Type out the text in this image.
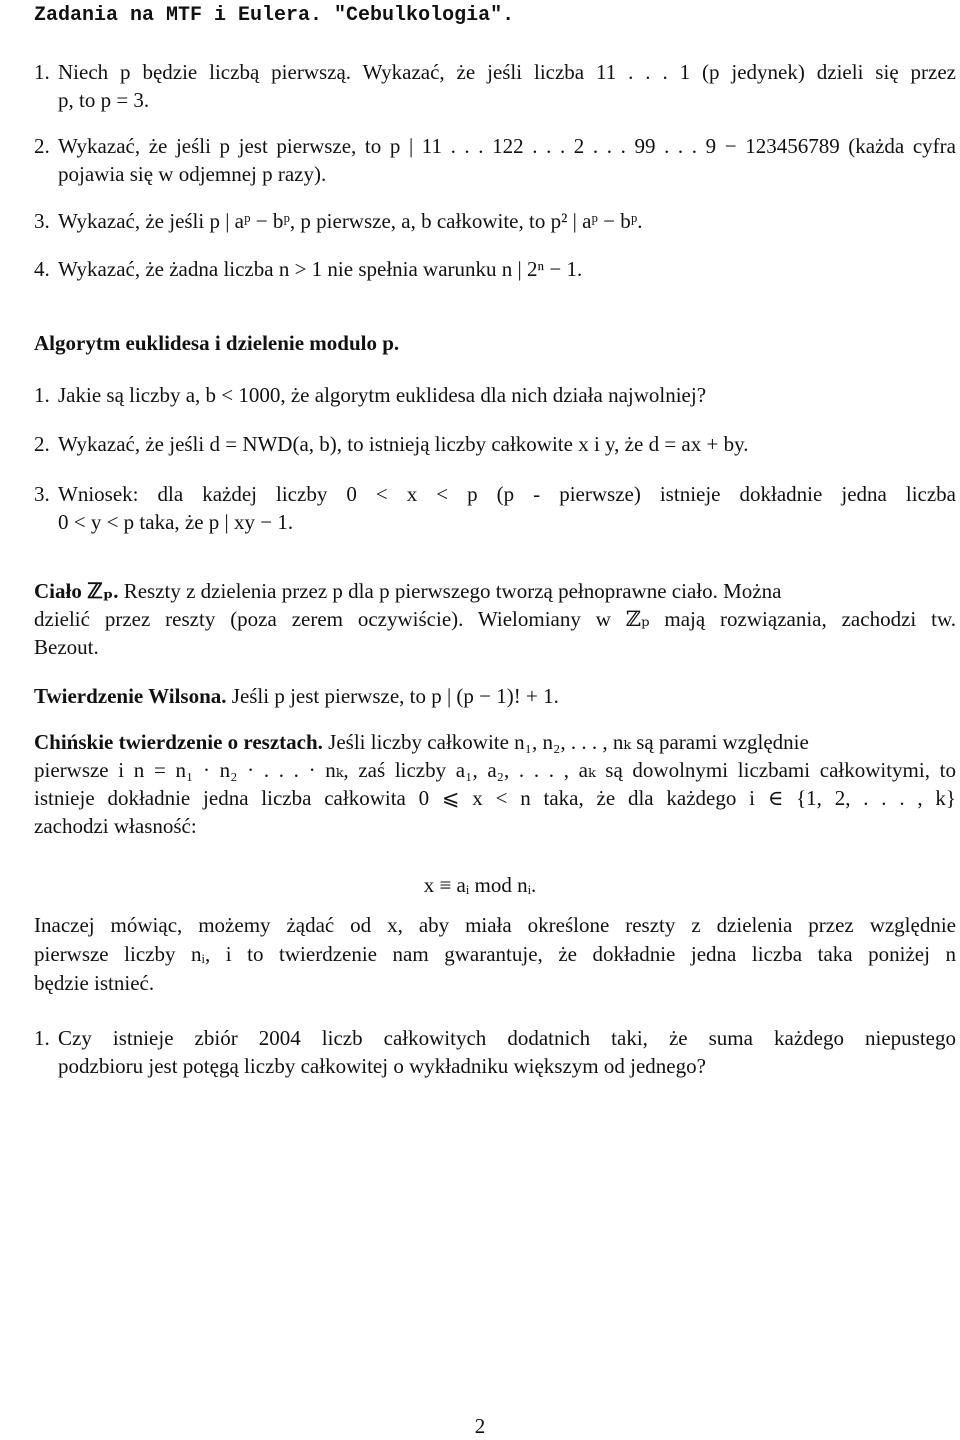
Zadania na MTF i Eulera. "Cebulkologia".
1. Niech p będzie liczbą pierwszą. Wykazać, że jeśli liczba 11 . . . 1 (p jedynek) dzieli się przez
p, to p = 3.
2. Wykazać, że jeśli p jest pierwsze, to p | 11 . . . 122 . . . 2 . . . 99 . . . 9 − 123456789 (każda cyfra
pojawia się w odjemnej p razy).
3. Wykazać, że jeśli p | aᵖ − bᵖ, p pierwsze, a, b całkowite, to p² | aᵖ − bᵖ.
4. Wykazać, że żadna liczba n > 1 nie spełnia warunku n | 2ⁿ − 1.
Algorytm euklidesa i dzielenie modulo p.
1. Jakie są liczby a, b < 1000, że algorytm euklidesa dla nich działa najwolniej?
2. Wykazać, że jeśli d = NWD(a, b), to istnieją liczby całkowite x i y, że d = ax + by.
3. Wniosek: dla każdej liczby 0 < x < p (p - pierwsze) istnieje dokładnie jedna liczba
0 < y < p taka, że p | xy − 1.
Ciało ℤₚ. Reszty z dzielenia przez p dla p pierwszego tworzą pełnoprawne ciało. Można
dzielić przez reszty (poza zerem oczywiście). Wielomiany w ℤₚ mają rozwiązania, zachodzi tw.
Bezout.
Twierdzenie Wilsona. Jeśli p jest pierwsze, to p | (p − 1)! + 1.
Chińskie twierdzenie o resztach. Jeśli liczby całkowite n₁, n₂, . . . , nₖ są parami względnie
pierwsze i n = n₁ · n₂ · . . . · nₖ, zaś liczby a₁, a₂, . . . , aₖ są dowolnymi liczbami całkowitymi, to
istnieje dokładnie jedna liczba całkowita 0 ⩽ x < n taka, że dla każdego i ∈ {1, 2, . . . , k}
zachodzi własność:
x ≡ aᵢ mod nᵢ.
Inaczej mówiąc, możemy żądać od x, aby miała określone reszty z dzielenia przez względnie
pierwsze liczby nᵢ, i to twierdzenie nam gwarantuje, że dokładnie jedna liczba taka poniżej n
będzie istnieć.
1. Czy istnieje zbiór 2004 liczb całkowitych dodatnich taki, że suma każdego niepustego
podzbioru jest potęgą liczby całkowitej o wykładniku większym od jednego?
2
